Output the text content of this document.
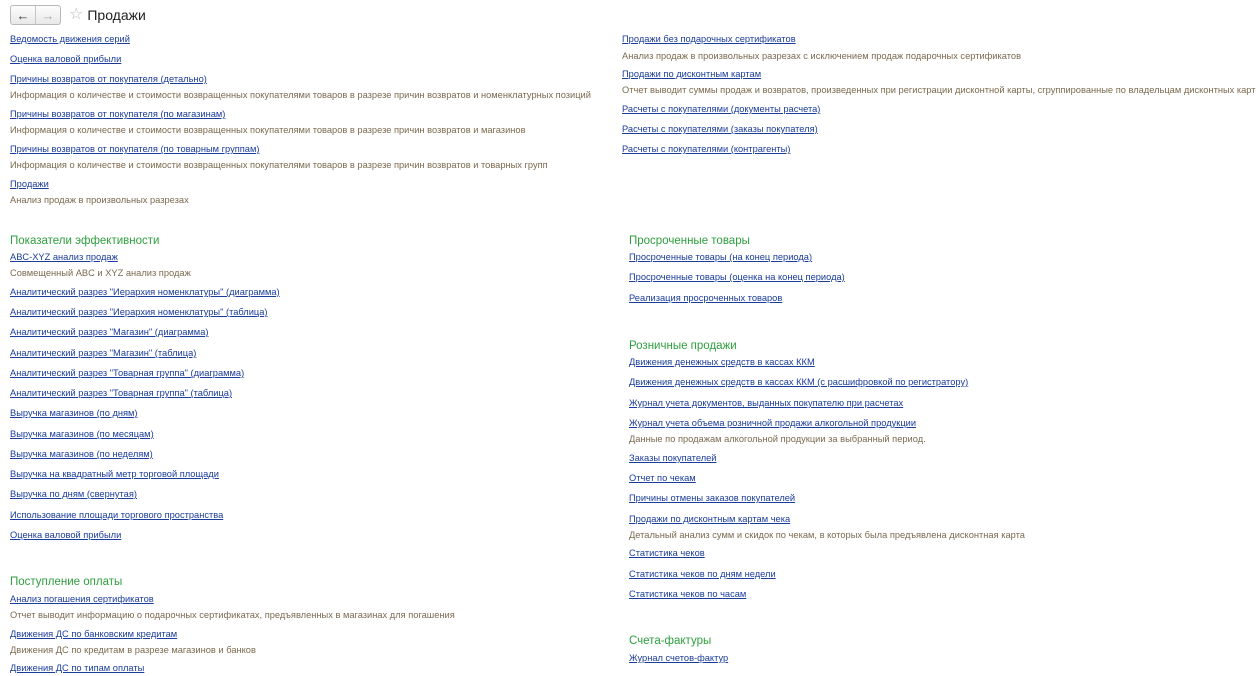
← → ☆ Продажи
Ведомость движения серий
Оценка валовой прибыли
Причины возвратов от покупателя (детально)
Информация о количестве и стоимости возвращенных покупателями товаров в разрезе причин возвратов и номенклатурных позиций
Причины возвратов от покупателя (по магазинам)
Информация о количестве и стоимости возвращенных покупателями товаров в разрезе причин возвратов и магазинов
Причины возвратов от покупателя (по товарным группам)
Информация о количестве и стоимости возвращенных покупателями товаров в разрезе причин возвратов и товарных групп
Продажи
Анализ продаж в произвольных разрезах
Продажи без подарочных сертификатов
Анализ продаж в произвольных разрезах с исключением продаж подарочных сертификатов
Продажи по дисконтным картам
Отчет выводит суммы продаж и возвратов, произведенных при регистрации дисконтной карты, сгруппированные по владельцам дисконтных карт
Расчеты с покупателями (документы расчета)
Расчеты с покупателями (заказы покупателя)
Расчеты с покупателями (контрагенты)
Показатели эффективности
ABC-XYZ анализ продаж
Совмещенный ABC и XYZ анализ продаж
Аналитический разрез "Иерархия номенклатуры" (диаграмма)
Аналитический разрез "Иерархия номенклатуры" (таблица)
Аналитический разрез "Магазин" (диаграмма)
Аналитический разрез "Магазин" (таблица)
Аналитический разрез "Товарная группа" (диаграмма)
Аналитический разрез "Товарная группа" (таблица)
Выручка магазинов (по дням)
Выручка магазинов (по месяцам)
Выручка магазинов (по неделям)
Выручка на квадратный метр торговой площади
Выручка по дням (свернутая)
Использование площади торгового пространства
Оценка валовой прибыли
Поступление оплаты
Анализ погашения сертификатов
Отчет выводит информацию о подарочных сертификатах, предъявленных в магазинах для погашения
Движения ДС по банковским кредитам
Движения ДС по кредитам в разрезе магазинов и банков
Движения ДС по типам оплаты
Просроченные товары
Просроченные товары (на конец периода)
Просроченные товары (оценка на конец периода)
Реализация просроченных товаров
Розничные продажи
Движения денежных средств в кассах ККМ
Движения денежных средств в кассах ККМ (с расшифровкой по регистратору)
Журнал учета документов, выданных покупателю при расчетах
Журнал учета объема розничной продажи алкогольной продукции
Данные по продажам алкогольной продукции за выбранный период.
Заказы покупателей
Отчет по чекам
Причины отмены заказов покупателей
Продажи по дисконтным картам чека
Детальный анализ сумм и скидок по чекам, в которых была предъявлена дисконтная карта
Статистика чеков
Статистика чеков по дням недели
Статистика чеков по часам
Счета-фактуры
Журнал счетов-фактур
